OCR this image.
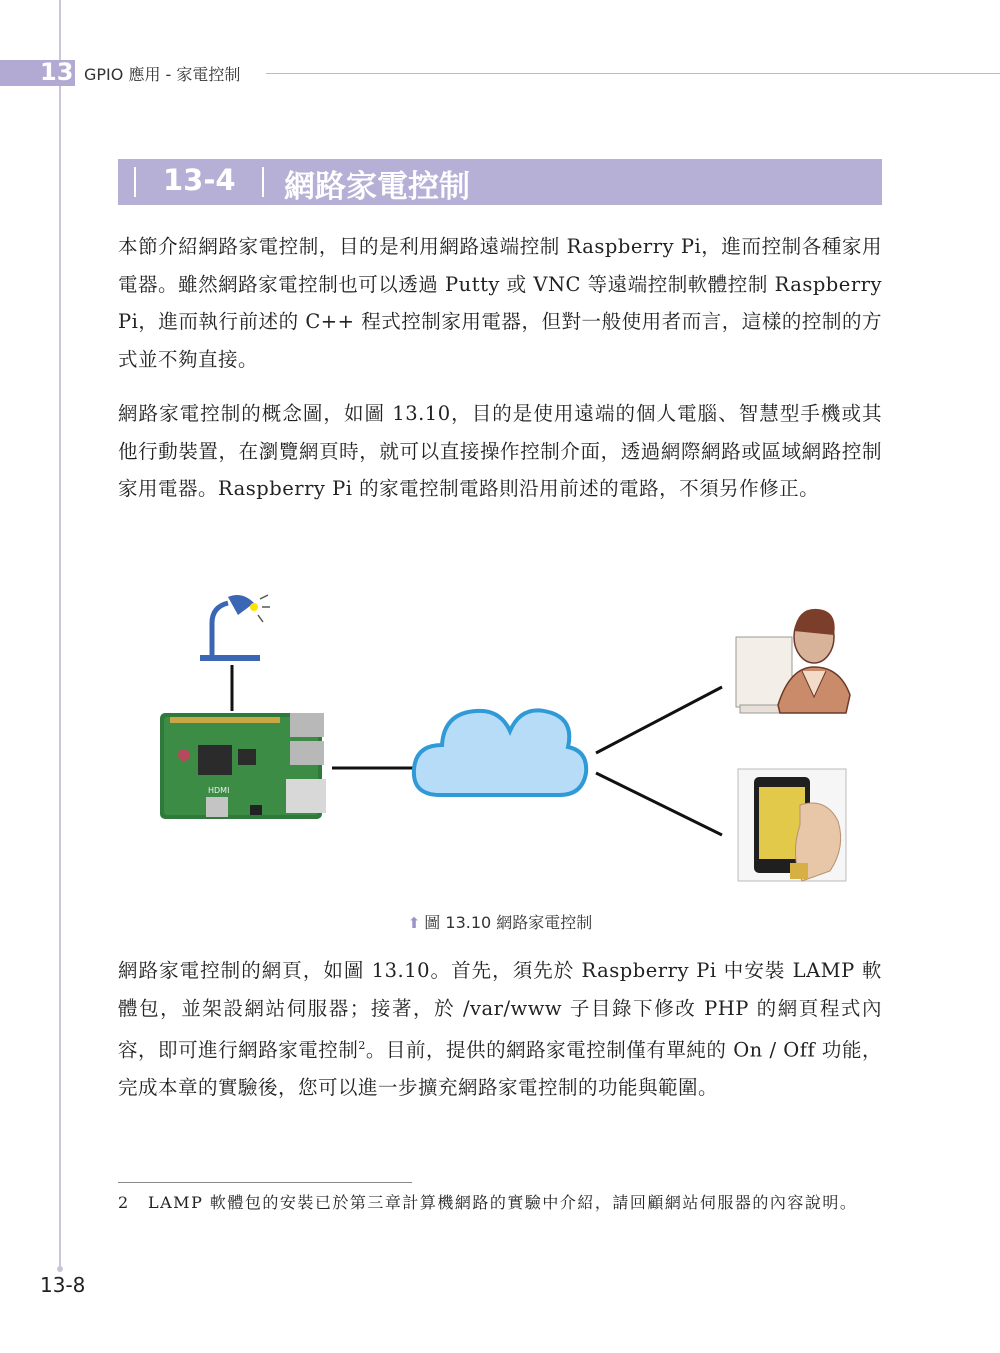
13 GPIO 應用 - 家電控制
13-4 網路家電控制
本節介紹網路家電控制，目的是利用網路遠端控制 Raspberry Pi，進而控制各種家用電器。雖然網路家電控制也可以透過 Putty 或 VNC 等遠端控制軟體控制 Raspberry Pi，進而執行前述的 C++ 程式控制家用電器，但對一般使用者而言，這樣的控制的方式並不夠直接。
網路家電控制的概念圖，如圖 13.10，目的是使用遠端的個人電腦、智慧型手機或其他行動裝置，在瀏覽網頁時，就可以直接操作控制介面，透過網際網路或區域網路控制家用電器。Raspberry Pi 的家電控制電路則沿用前述的電路，不須另作修正。
HDMI
⬆ 圖 13.10 網路家電控制
網路家電控制的網頁，如圖 13.10。首先，須先於 Raspberry Pi 中安裝 LAMP 軟體包，並架設網站伺服器；接著，於 /var/www 子目錄下修改 PHP 的網頁程式內容，即可進行網路家電控制$^2$。目前，提供的網路家電控制僅有單純的 On / Off 功能，完成本章的實驗後，您可以進一步擴充網路家電控制的功能與範圍。
2 LAMP 軟體包的安裝已於第三章計算機網路的實驗中介紹，請回顧網站伺服器的內容說明。
13-8
